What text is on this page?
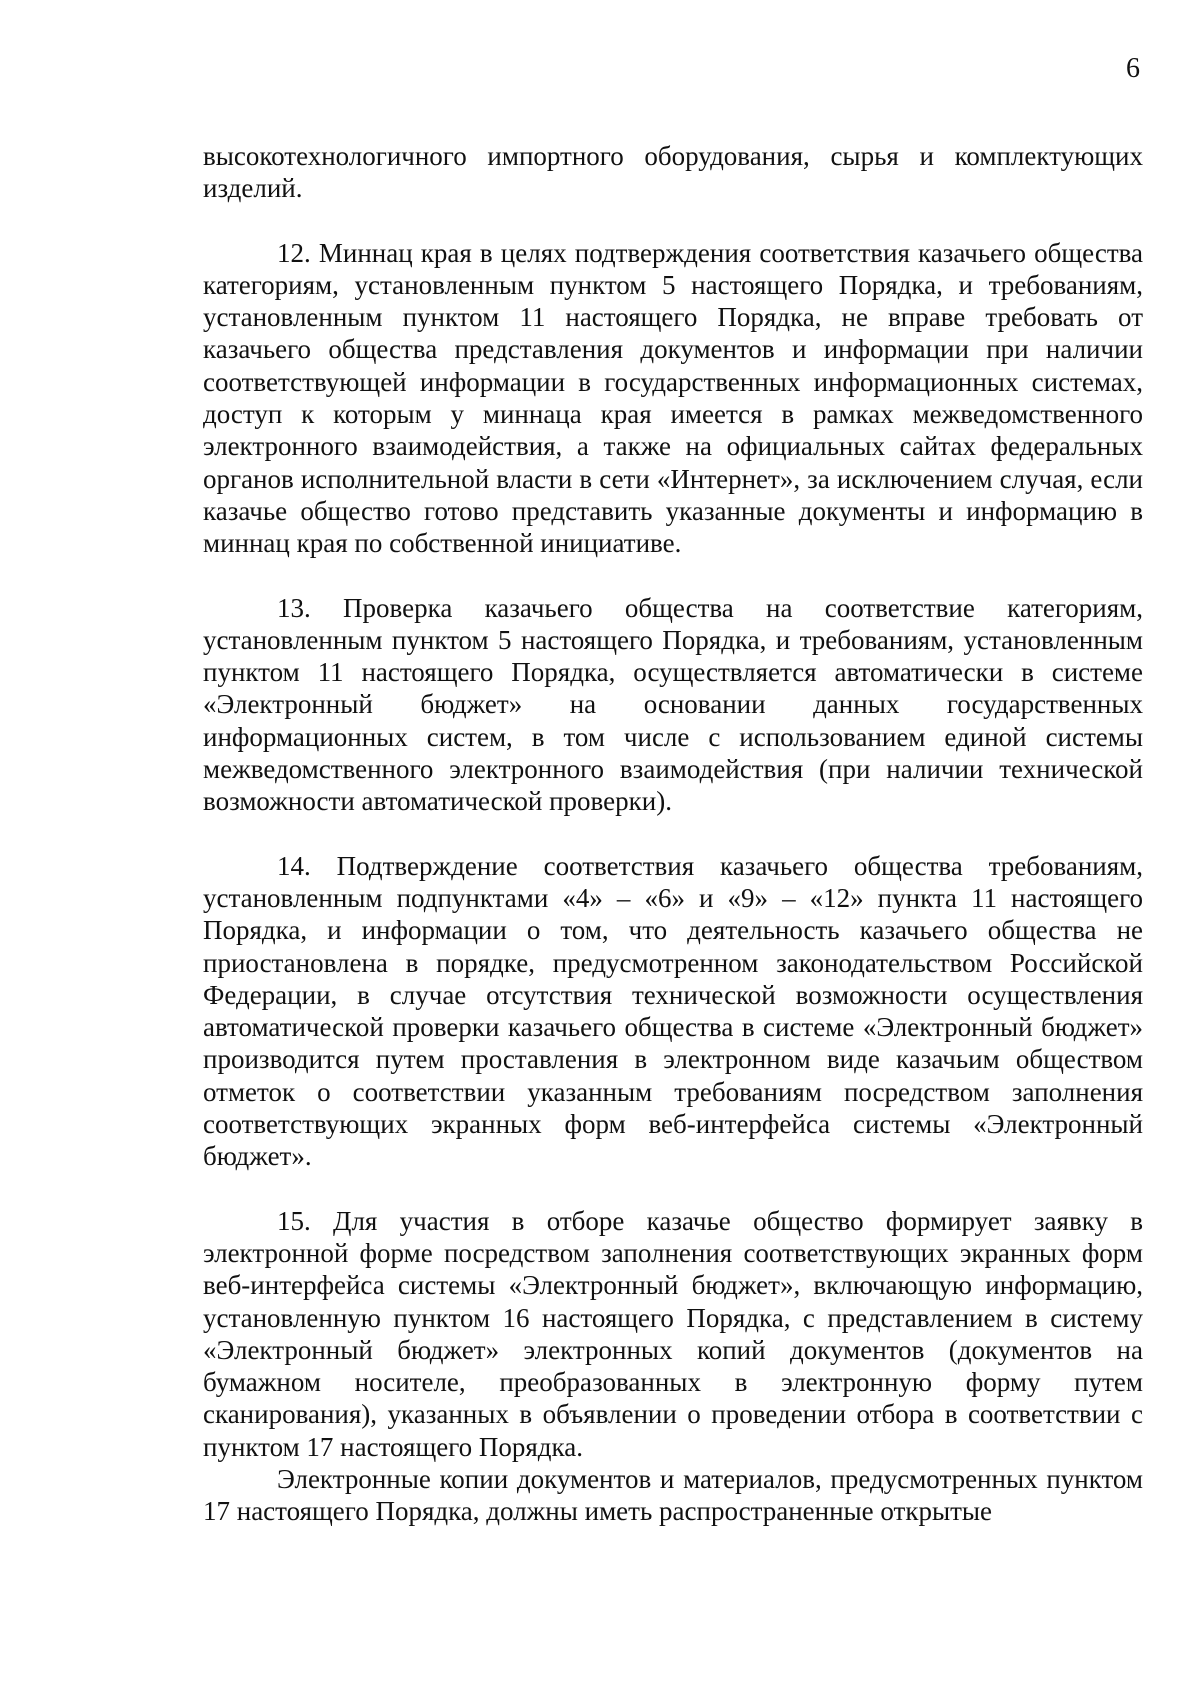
6

высокотехнологичного импортного оборудования, сырья и комплектующих изделий.

12. Миннац края в целях подтверждения соответствия казачьего общества категориям, установленным пунктом 5 настоящего Порядка, и требованиям, установленным пунктом 11 настоящего Порядка, не вправе требовать от казачьего общества представления документов и информации при наличии соответствующей информации в государственных информационных системах, доступ к которым у миннаца края имеется в рамках межведомственного электронного взаимодействия, а также на официальных сайтах федеральных органов исполнительной власти в сети «Интернет», за исключением случая, если казачье общество готово представить указанные документы и информацию в миннац края по собственной инициативе.

13. Проверка казачьего общества на соответствие категориям, установленным пунктом 5 настоящего Порядка, и требованиям, установленным пунктом 11 настоящего Порядка, осуществляется автоматически в системе «Электронный бюджет» на основании данных государственных информационных систем, в том числе с использованием единой системы межведомственного электронного взаимодействия (при наличии технической возможности автоматической проверки).

14. Подтверждение соответствия казачьего общества требованиям, установленным подпунктами «4» – «6» и «9» – «12» пункта 11 настоящего Порядка, и информации о том, что деятельность казачьего общества не приостановлена в порядке, предусмотренном законодательством Российской Федерации, в случае отсутствия технической возможности осуществления автоматической проверки казачьего общества в системе «Электронный бюджет» производится путем проставления в электронном виде казачьим обществом отметок о соответствии указанным требованиям посредством заполнения соответствующих экранных форм веб-интерфейса системы «Электронный бюджет».

15. Для участия в отборе казачье общество формирует заявку в электронной форме посредством заполнения соответствующих экранных форм веб-интерфейса системы «Электронный бюджет», включающую информацию, установленную пунктом 16 настоящего Порядка, с представлением в систему «Электронный бюджет» электронных копий документов (документов на бумажном носителе, преобразованных в электронную форму путем сканирования), указанных в объявлении о проведении отбора в соответствии с пунктом 17 настоящего Порядка.

Электронные копии документов и материалов, предусмотренных пунктом 17 настоящего Порядка, должны иметь распространенные открытые
